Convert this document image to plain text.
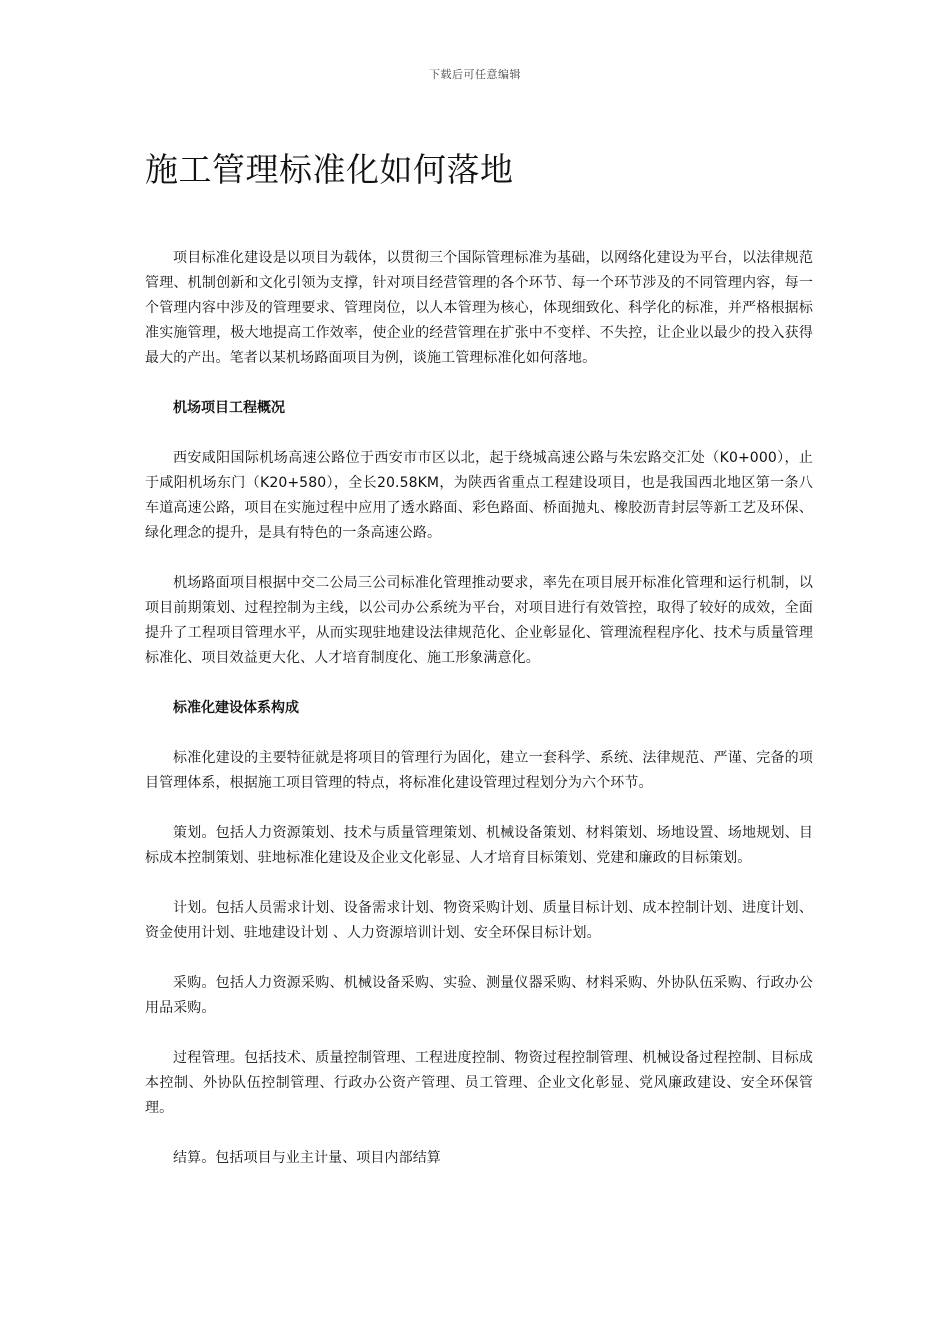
下载后可任意编辑
施工管理标准化如何落地

项目标准化建设是以项目为载体，以贯彻三个国际管理标准为基础，以网络化建设为平台，以法律规范管理、机制创新和文化引领为支撑，针对项目经营管理的各个环节、每一个环节涉及的不同管理内容，每一个管理内容中涉及的管理要求、管理岗位，以人本管理为核心，体现细致化、科学化的标准，并严格根据标准实施管理，极大地提高工作效率，使企业的经营管理在扩张中不变样、不失控，让企业以最少的投入获得最大的产出。笔者以某机场路面项目为例，谈施工管理标准化如何落地。

机场项目工程概况

西安咸阳国际机场高速公路位于西安市市区以北，起于绕城高速公路与朱宏路交汇处（K0+000），止于咸阳机场东门（K20+580），全长20.58KM，为陕西省重点工程建设项目，也是我国西北地区第一条八车道高速公路，项目在实施过程中应用了透水路面、彩色路面、桥面抛丸、橡胶沥青封层等新工艺及环保、绿化理念的提升，是具有特色的一条高速公路。

机场路面项目根据中交二公局三公司标准化管理推动要求，率先在项目展开标准化管理和运行机制，以项目前期策划、过程控制为主线，以公司办公系统为平台，对项目进行有效管控，取得了较好的成效，全面提升了工程项目管理水平，从而实现驻地建设法律规范化、企业彰显化、管理流程程序化、技术与质量管理标准化、项目效益更大化、人才培育制度化、施工形象满意化。

标准化建设体系构成

标准化建设的主要特征就是将项目的管理行为固化，建立一套科学、系统、法律规范、严谨、完备的项目管理体系，根据施工项目管理的特点，将标准化建设管理过程划分为六个环节。

策划。包括人力资源策划、技术与质量管理策划、机械设备策划、材料策划、场地设置、场地规划、目标成本控制策划、驻地标准化建设及企业文化彰显、人才培育目标策划、党建和廉政的目标策划。

计划。包括人员需求计划、设备需求计划、物资采购计划、质量目标计划、成本控制计划、进度计划、资金使用计划、驻地建设计划 、人力资源培训计划、安全环保目标计划。

采购。包括人力资源采购、机械设备采购、实验、测量仪器采购、材料采购、外协队伍采购、行政办公用品采购。

过程管理。包括技术、质量控制管理、工程进度控制、物资过程控制管理、机械设备过程控制、目标成本控制、外协队伍控制管理、行政办公资产管理、员工管理、企业文化彰显、党风廉政建设、安全环保管理。

结算。包括项目与业主计量、项目内部结算
